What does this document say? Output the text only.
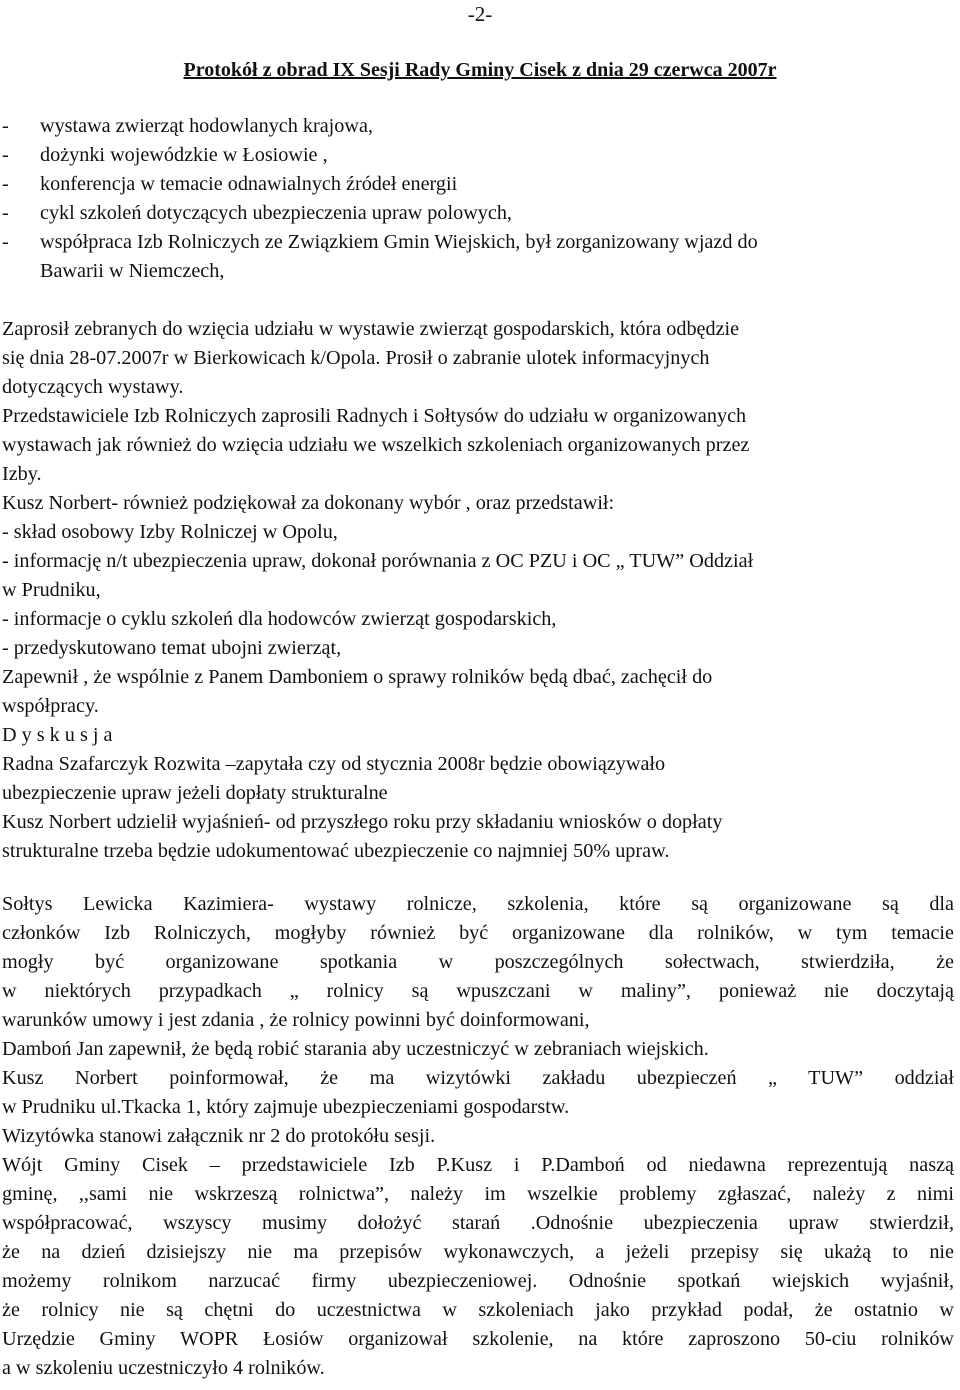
-2-
Protokół z obrad IX Sesji Rady Gminy Cisek z dnia 29 czerwca 2007r
-	wystawa zwierząt hodowlanych krajowa,
-	dożynki wojewódzkie w Łosiowie ,
-	konferencja w temacie odnawialnych źródeł energii
-	cykl szkoleń dotyczących ubezpieczenia upraw polowych,
-	współpraca Izb Rolniczych ze Związkiem Gmin Wiejskich, był zorganizowany wjazd do
Bawarii w Niemczech,
Zaprosił zebranych do wzięcia udziału w wystawie zwierząt gospodarskich, która odbędzie
się dnia 28-07.2007r w Bierkowicach k/Opola. Prosił o zabranie ulotek informacyjnych
dotyczących wystawy.
Przedstawiciele Izb Rolniczych zaprosili Radnych i Sołtysów do udziału w organizowanych
wystawach jak również do wzięcia udziału we wszelkich szkoleniach organizowanych przez
Izby.
Kusz Norbert- również podziękował za dokonany wybór , oraz przedstawił:
- skład osobowy Izby Rolniczej w Opolu,
- informację n/t ubezpieczenia upraw, dokonał porównania z OC PZU i OC „ TUW” Oddział
w Prudniku,
- informacje o cyklu szkoleń dla hodowców zwierząt gospodarskich,
- przedyskutowano temat ubojni zwierząt,
Zapewnił , że wspólnie z Panem Damboniem o sprawy rolników będą dbać, zachęcił do
współpracy.
D y s k u s j a
Radna Szafarczyk Rozwita –zapytała czy od stycznia 2008r będzie obowiązywało
ubezpieczenie upraw jeżeli dopłaty strukturalne
Kusz Norbert udzielił wyjaśnień- od przyszłego roku przy składaniu wniosków o dopłaty
strukturalne trzeba będzie udokumentować ubezpieczenie co najmniej 50% upraw.
Sołtys Lewicka Kazimiera- wystawy rolnicze, szkolenia, które są organizowane są dla
członków Izb Rolniczych, mogłyby również być organizowane dla rolników, w tym temacie
mogły być organizowane spotkania w poszczególnych sołectwach, stwierdziła, że
w niektórych przypadkach „ rolnicy są wpuszczani w maliny”, ponieważ nie doczytają
warunków umowy i jest zdania , że rolnicy powinni być doinformowani,
Damboń Jan zapewnił, że będą robić starania aby uczestniczyć w zebraniach wiejskich.
Kusz Norbert poinformował, że ma wizytówki zakładu ubezpieczeń „ TUW” oddział
w Prudniku ul.Tkacka 1, który zajmuje ubezpieczeniami gospodarstw.
Wizytówka stanowi załącznik nr 2 do protokółu sesji.
Wójt Gminy Cisek – przedstawiciele Izb P.Kusz i P.Damboń od niedawna reprezentują naszą
gminę, ,,sami nie wskrzeszą rolnictwa”, należy im wszelkie problemy zgłaszać, należy z nimi
współpracować, wszyscy musimy dołożyć starań .Odnośnie ubezpieczenia upraw stwierdził,
że na dzień dzisiejszy nie ma przepisów wykonawczych, a jeżeli przepisy się ukażą to nie
możemy rolnikom narzucać firmy ubezpieczeniowej. Odnośnie spotkań wiejskich wyjaśnił,
że rolnicy nie są chętni do uczestnictwa w szkoleniach jako przykład podał, że ostatnio w
Urzędzie Gminy WOPR Łosiów organizował szkolenie, na które zaproszono 50-ciu rolników
a w szkoleniu uczestniczyło 4 rolników.
